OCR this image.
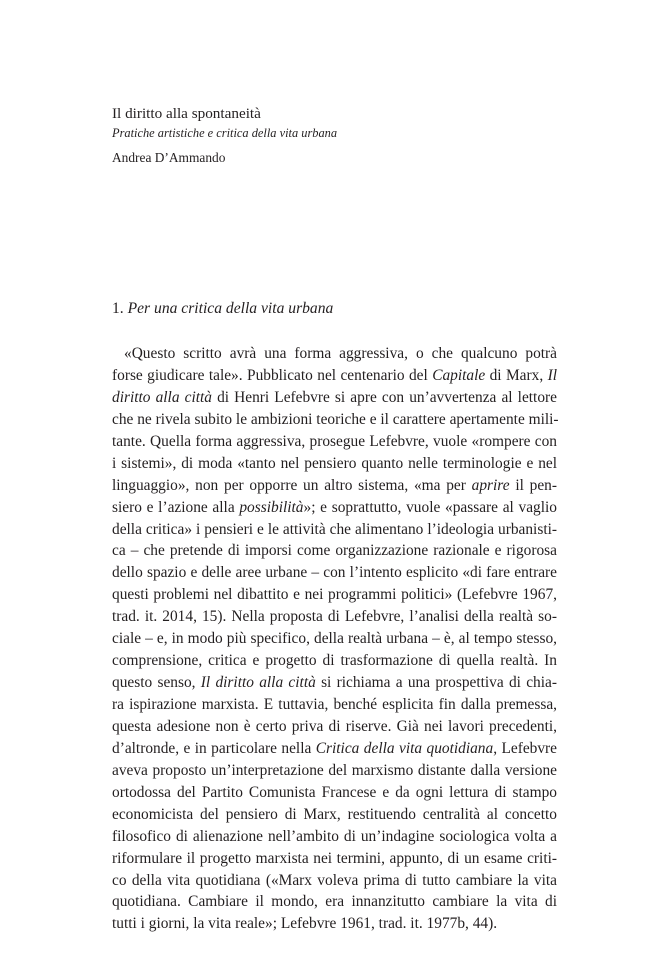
Il diritto alla spontaneità
Pratiche artistiche e critica della vita urbana
Andrea D’Ammando
1. Per una critica della vita urbana
«Questo scritto avrà una forma aggressiva, o che qualcuno potrà
forse giudicare tale». Pubblicato nel centenario del Capitale di Marx, Il
diritto alla città di Henri Lefebvre si apre con un’avvertenza al lettore
che ne rivela subito le ambizioni teoriche e il carattere apertamente mili-
tante. Quella forma aggressiva, prosegue Lefebvre, vuole «rompere con
i sistemi», di moda «tanto nel pensiero quanto nelle terminologie e nel
linguaggio», non per opporre un altro sistema, «ma per aprire il pen-
siero e l’azione alla possibilità»; e soprattutto, vuole «passare al vaglio
della critica» i pensieri e le attività che alimentano l’ideologia urbanisti-
ca – che pretende di imporsi come organizzazione razionale e rigorosa
dello spazio e delle aree urbane – con l’intento esplicito «di fare entrare
questi problemi nel dibattito e nei programmi politici» (Lefebvre 1967,
trad. it. 2014, 15). Nella proposta di Lefebvre, l’analisi della realtà so-
ciale – e, in modo più specifico, della realtà urbana – è, al tempo stesso,
comprensione, critica e progetto di trasformazione di quella realtà. In
questo senso, Il diritto alla città si richiama a una prospettiva di chia-
ra ispirazione marxista. E tuttavia, benché esplicita fin dalla premessa,
questa adesione non è certo priva di riserve. Già nei lavori precedenti,
d’altronde, e in particolare nella Critica della vita quotidiana, Lefebvre
aveva proposto un’interpretazione del marxismo distante dalla versione
ortodossa del Partito Comunista Francese e da ogni lettura di stampo
economicista del pensiero di Marx, restituendo centralità al concetto
filosofico di alienazione nell’ambito di un’indagine sociologica volta a
riformulare il progetto marxista nei termini, appunto, di un esame criti-
co della vita quotidiana («Marx voleva prima di tutto cambiare la vita
quotidiana. Cambiare il mondo, era innanzitutto cambiare la vita di
tutti i giorni, la vita reale»; Lefebvre 1961, trad. it. 1977b, 44).
